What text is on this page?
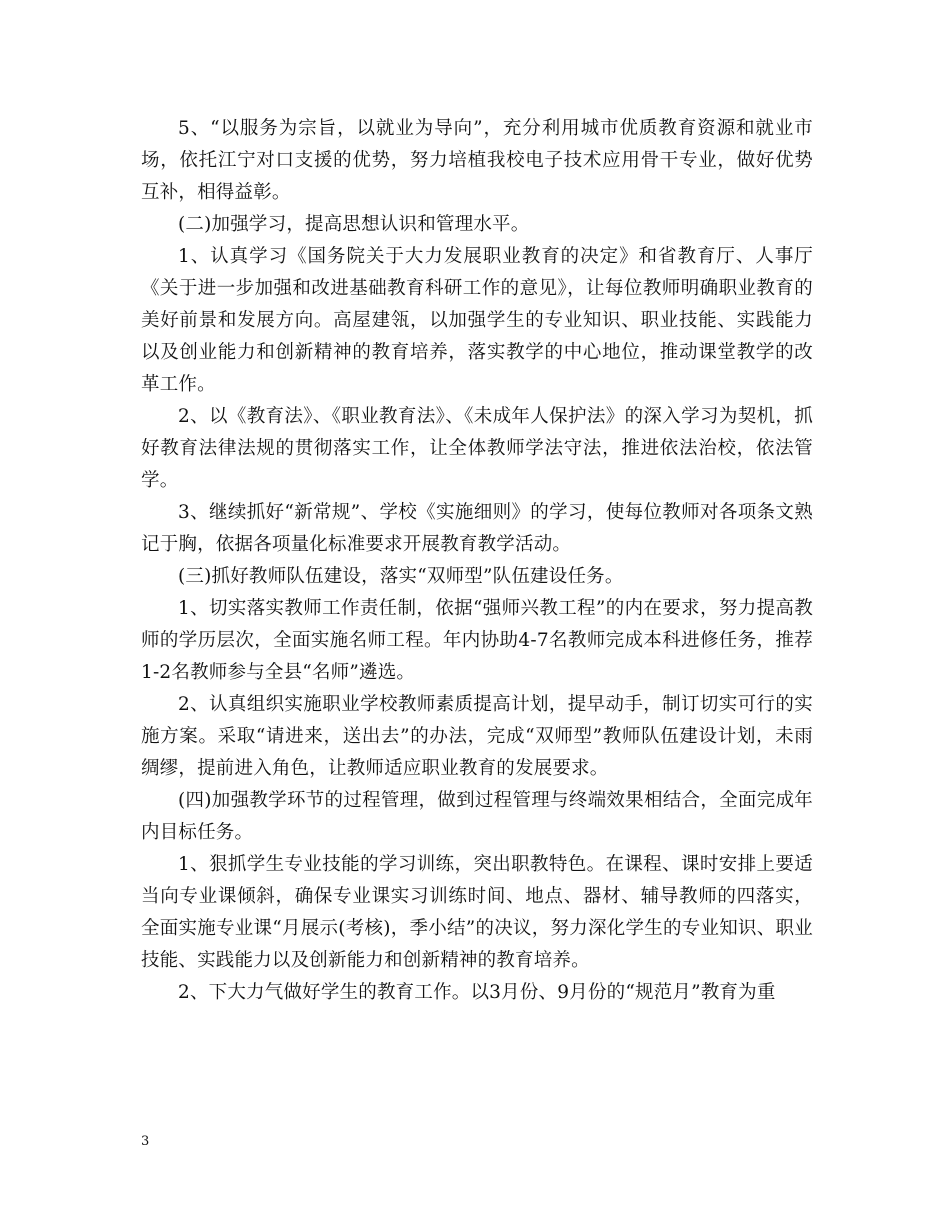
5、“以服务为宗旨，以就业为导向”，充分利用城市优质教育资源和就业市场，依托江宁对口支援的优势，努力培植我校电子技术应用骨干专业，做好优势互补，相得益彰。

(二)加强学习，提高思想认识和管理水平。

1、认真学习《国务院关于大力发展职业教育的决定》和省教育厅、人事厅《关于进一步加强和改进基础教育科研工作的意见》，让每位教师明确职业教育的美好前景和发展方向。高屋建瓴，以加强学生的专业知识、职业技能、实践能力以及创业能力和创新精神的教育培养，落实教学的中心地位，推动课堂教学的改革工作。

2、以《教育法》、《职业教育法》、《未成年人保护法》的深入学习为契机，抓好教育法律法规的贯彻落实工作，让全体教师学法守法，推进依法治校，依法管学。

3、继续抓好“新常规”、学校《实施细则》的学习，使每位教师对各项条文熟记于胸，依据各项量化标准要求开展教育教学活动。

(三)抓好教师队伍建设，落实“双师型”队伍建设任务。

1、切实落实教师工作责任制，依据“强师兴教工程”的内在要求，努力提高教师的学历层次，全面实施名师工程。年内协助4-7名教师完成本科进修任务，推荐1-2名教师参与全县“名师”遴选。

2、认真组织实施职业学校教师素质提高计划，提早动手，制订切实可行的实施方案。采取“请进来，送出去”的办法，完成“双师型”教师队伍建设计划，未雨绸缪，提前进入角色，让教师适应职业教育的发展要求。

(四)加强教学环节的过程管理，做到过程管理与终端效果相结合，全面完成年内目标任务。

1、狠抓学生专业技能的学习训练，突出职教特色。在课程、课时安排上要适当向专业课倾斜，确保专业课实习训练时间、地点、器材、辅导教师的四落实，全面实施专业课“月展示(考核)，季小结”的决议，努力深化学生的专业知识、职业技能、实践能力以及创新能力和创新精神的教育培养。

2、下大力气做好学生的教育工作。以3月份、9月份的“规范月”教育为重

3
